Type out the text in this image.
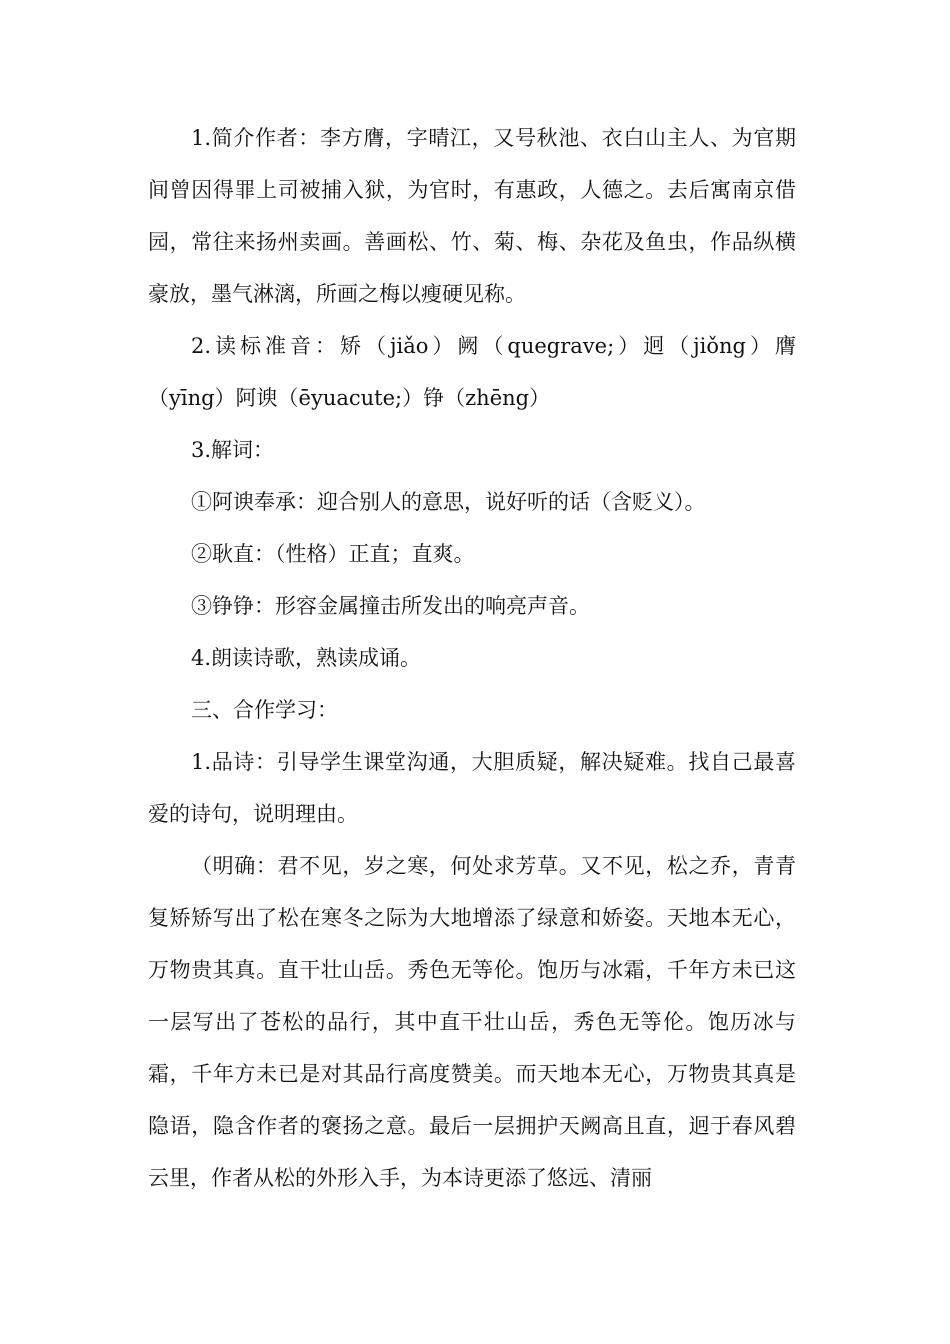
1.简介作者：李方膺，字晴江，又号秋池、衣白山主人、为官期间曾因得罪上司被捕入狱，为官时，有惠政，人德之。去后寓南京借园，常往来扬州卖画。善画松、竹、菊、梅、杂花及鱼虫，作品纵横豪放，墨气淋漓，所画之梅以瘦硬见称。

2.读标准音：矫（jiǎo）阙（quegrave;）迥（jiǒng）膺（yīng）阿谀（ēyuacute;）铮（zhēng）

3.解词：

①阿谀奉承：迎合别人的意思，说好听的话（含贬义）。

②耿直：（性格）正直；直爽。

③铮铮：形容金属撞击所发出的响亮声音。

4.朗读诗歌，熟读成诵。

三、合作学习：

1.品诗：引导学生课堂沟通，大胆质疑，解决疑难。找自己最喜爱的诗句，说明理由。

（明确：君不见，岁之寒，何处求芳草。又不见，松之乔，青青复矫矫写出了松在寒冬之际为大地增添了绿意和娇姿。天地本无心，万物贵其真。直干壮山岳。秀色无等伦。饱历与冰霜，千年方未已这一层写出了苍松的品行，其中直干壮山岳，秀色无等伦。饱历冰与霜，千年方未已是对其品行高度赞美。而天地本无心，万物贵其真是隐语，隐含作者的褒扬之意。最后一层拥护天阙高且直，迥于春风碧云里，作者从松的外形入手，为本诗更添了悠远、清丽
